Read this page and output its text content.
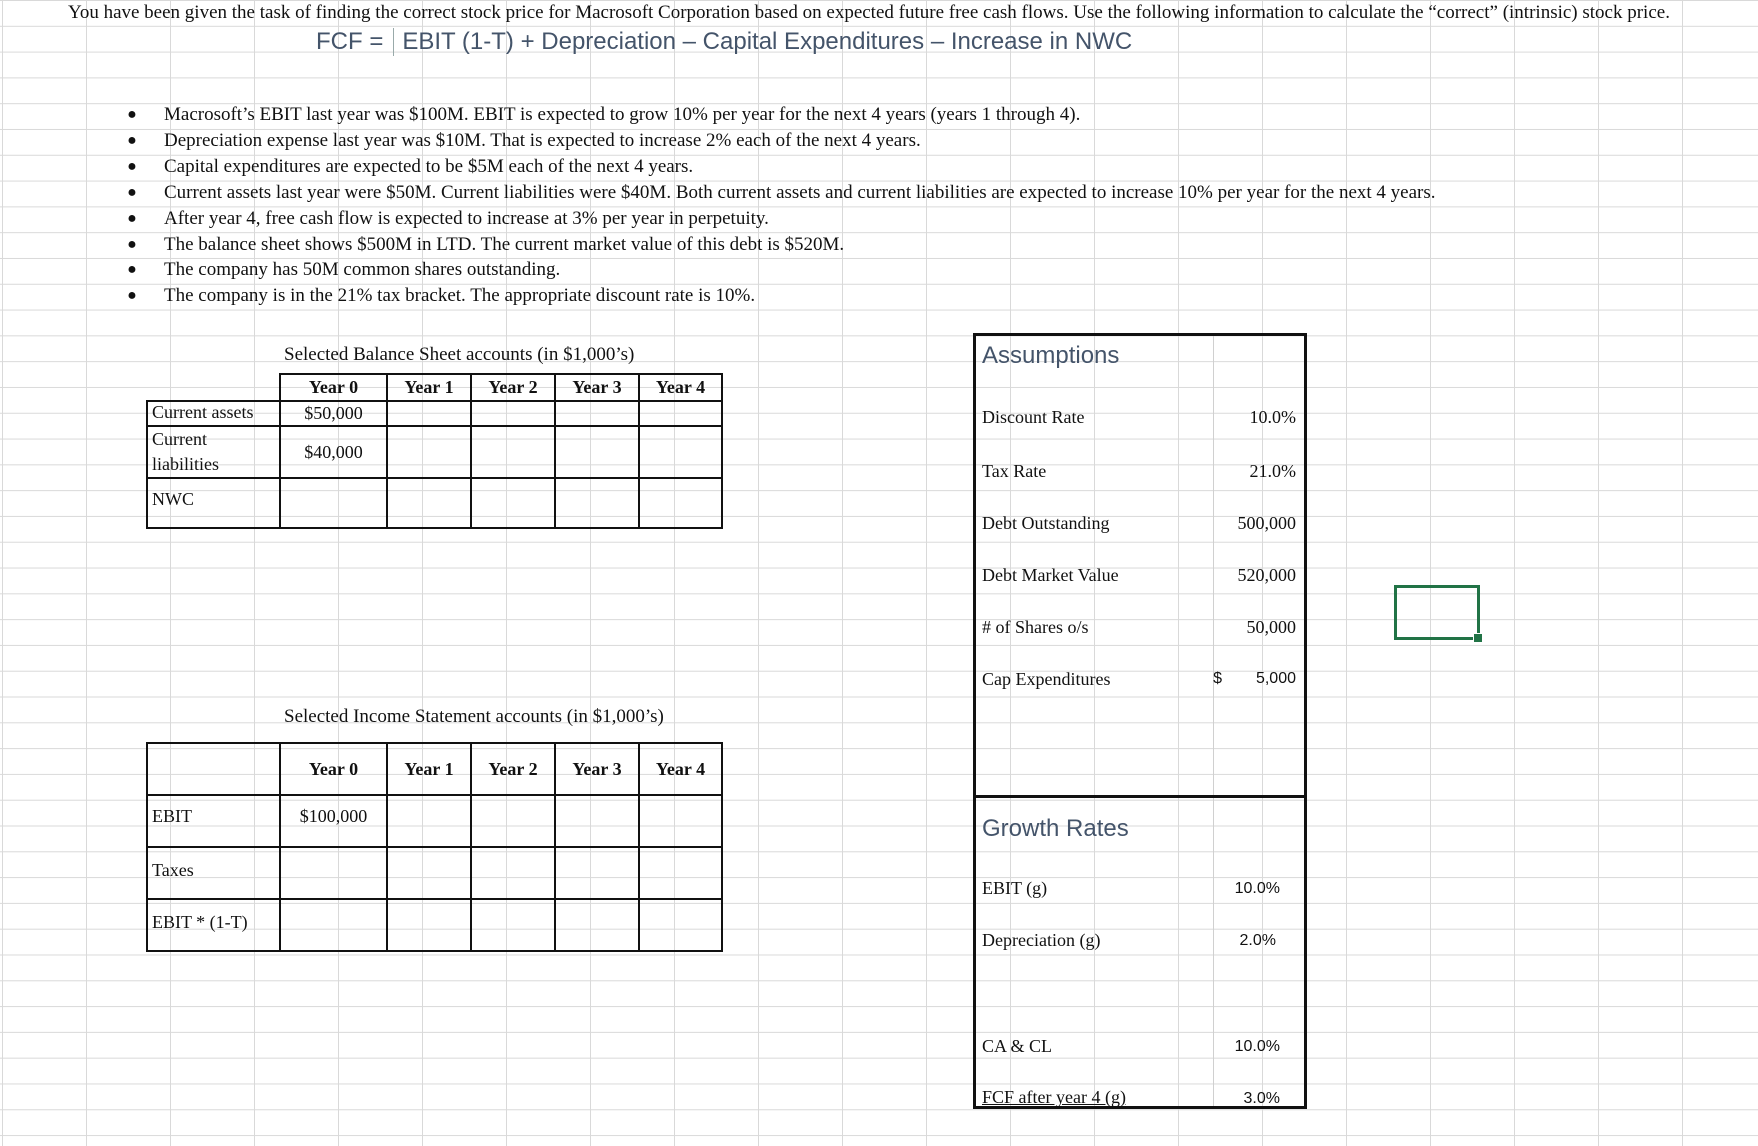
You have been given the task of finding the correct stock price for Macrosoft Corporation based on expected future free cash flows. Use the following information to calculate the “correct” (intrinsic) stock price.
FCF = EBIT (1-T) + Depreciation – Capital Expenditures – Increase in NWC
●	Macrosoft’s EBIT last year was $100M. EBIT is expected to grow 10% per year for the next 4 years (years 1 through 4).
●	Depreciation expense last year was $10M. That is expected to increase 2% each of the next 4 years.
●	Capital expenditures are expected to be $5M each of the next 4 years.
●	Current assets last year were $50M. Current liabilities were $40M. Both current assets and current liabilities are expected to increase 10% per year for the next 4 years.
●	After year 4, free cash flow is expected to increase at 3% per year in perpetuity.
●	The balance sheet shows $500M in LTD. The current market value of this debt is $520M.
●	The company has 50M common shares outstanding.
●	The company is in the 21% tax bracket. The appropriate discount rate is 10%.
Selected Balance Sheet accounts (in $1,000’s)
	Year 0	Year 1	Year 2	Year 3	Year 4
Current assets	$50,000				
Current liabilities	$40,000				
NWC					
Selected Income Statement accounts (in $1,000’s)
	Year 0	Year 1	Year 2	Year 3	Year 4
EBIT	$100,000				
Taxes					
EBIT * (1-T)					
Assumptions
Discount Rate	10.0%
Tax Rate	21.0%
Debt Outstanding	500,000
Debt Market Value	520,000
# of Shares o/s	50,000
Cap Expenditures	$ 5,000
Growth Rates
EBIT (g)	10.0%
Depreciation (g)	2.0%
CA & CL	10.0%
FCF after year 4 (g)	3.0%
